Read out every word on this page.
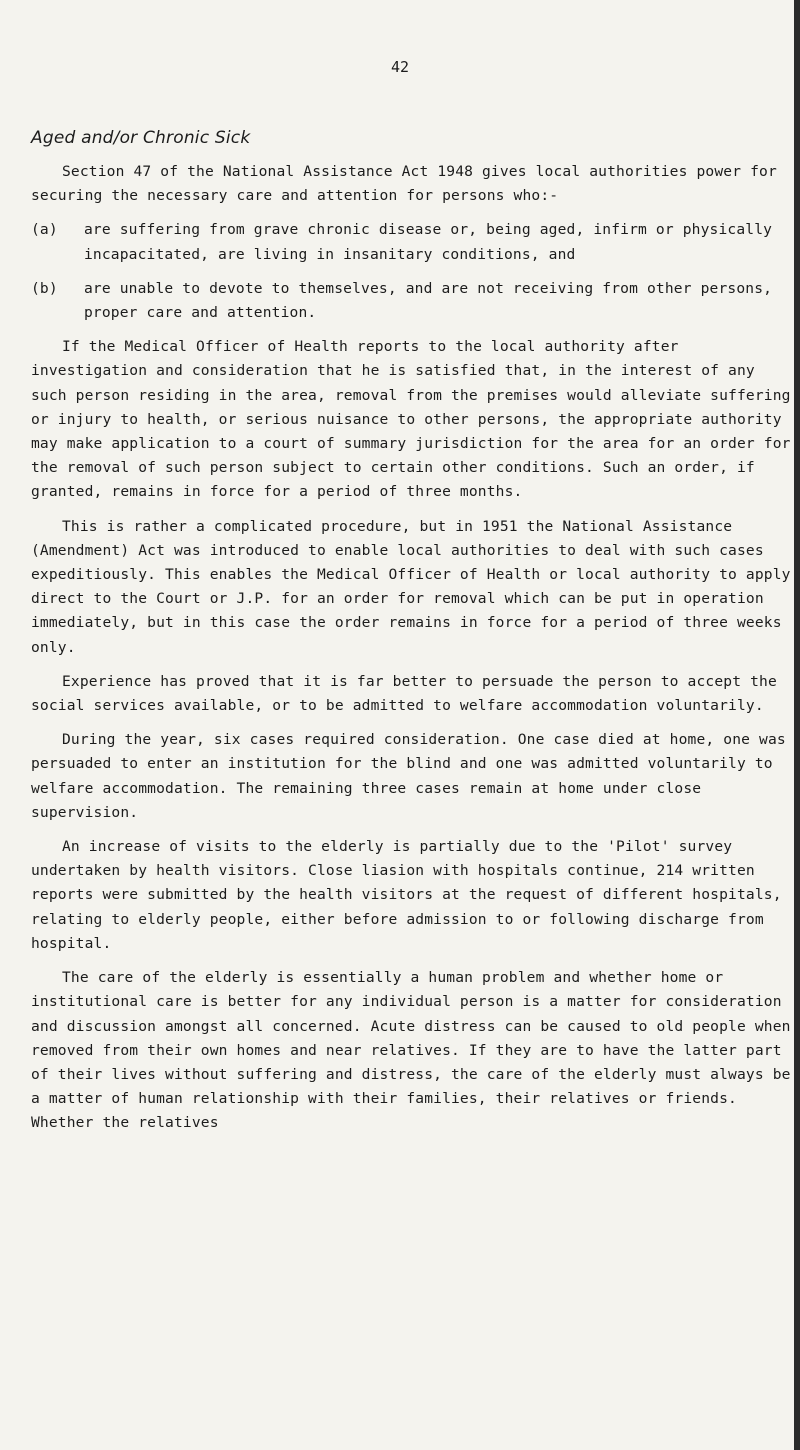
42
Aged and/or Chronic Sick

Section 47 of the National Assistance Act 1948 gives local authorities power for securing the necessary care and attention for persons who:-

(a)	are suffering from grave chronic disease or, being aged, infirm or physically incapacitated, are living in insanitary conditions, and
(b)	are unable to devote to themselves, and are not receiving from other persons, proper care and attention.

If the Medical Officer of Health reports to the local authority after investigation and consideration that he is satisfied that, in the interest of any such person residing in the area, removal from the premises would alleviate suffering or injury to health, or serious nuisance to other persons, the appropriate authority may make application to a court of summary jurisdiction for the area for an order for the removal of such person subject to certain other conditions. Such an order, if granted, remains in force for a period of three months.

This is rather a complicated procedure, but in 1951 the National Assistance (Amendment) Act was introduced to enable local authorities to deal with such cases expeditiously. This enables the Medical Officer of Health or local authority to apply direct to the Court or J.P. for an order for removal which can be put in operation immediately, but in this case the order remains in force for a period of three weeks only.

Experience has proved that it is far better to persuade the person to accept the social services available, or to be admitted to welfare accommodation voluntarily.

During the year, six cases required consideration. One case died at home, one was persuaded to enter an institution for the blind and one was admitted voluntarily to welfare accommodation. The remaining three cases remain at home under close supervision.

An increase of visits to the elderly is partially due to the 'Pilot' survey undertaken by health visitors. Close liasion with hospitals continue, 214 written reports were submitted by the health visitors at the request of different hospitals, relating to elderly people, either before admission to or following discharge from hospital.

The care of the elderly is essentially a human problem and whether home or institutional care is better for any individual person is a matter for consideration and discussion amongst all concerned. Acute distress can be caused to old people when removed from their own homes and near relatives. If they are to have the latter part of their lives without suffering and distress, the care of the elderly must always be a matter of human relationship with their families, their relatives or friends. Whether the relatives
